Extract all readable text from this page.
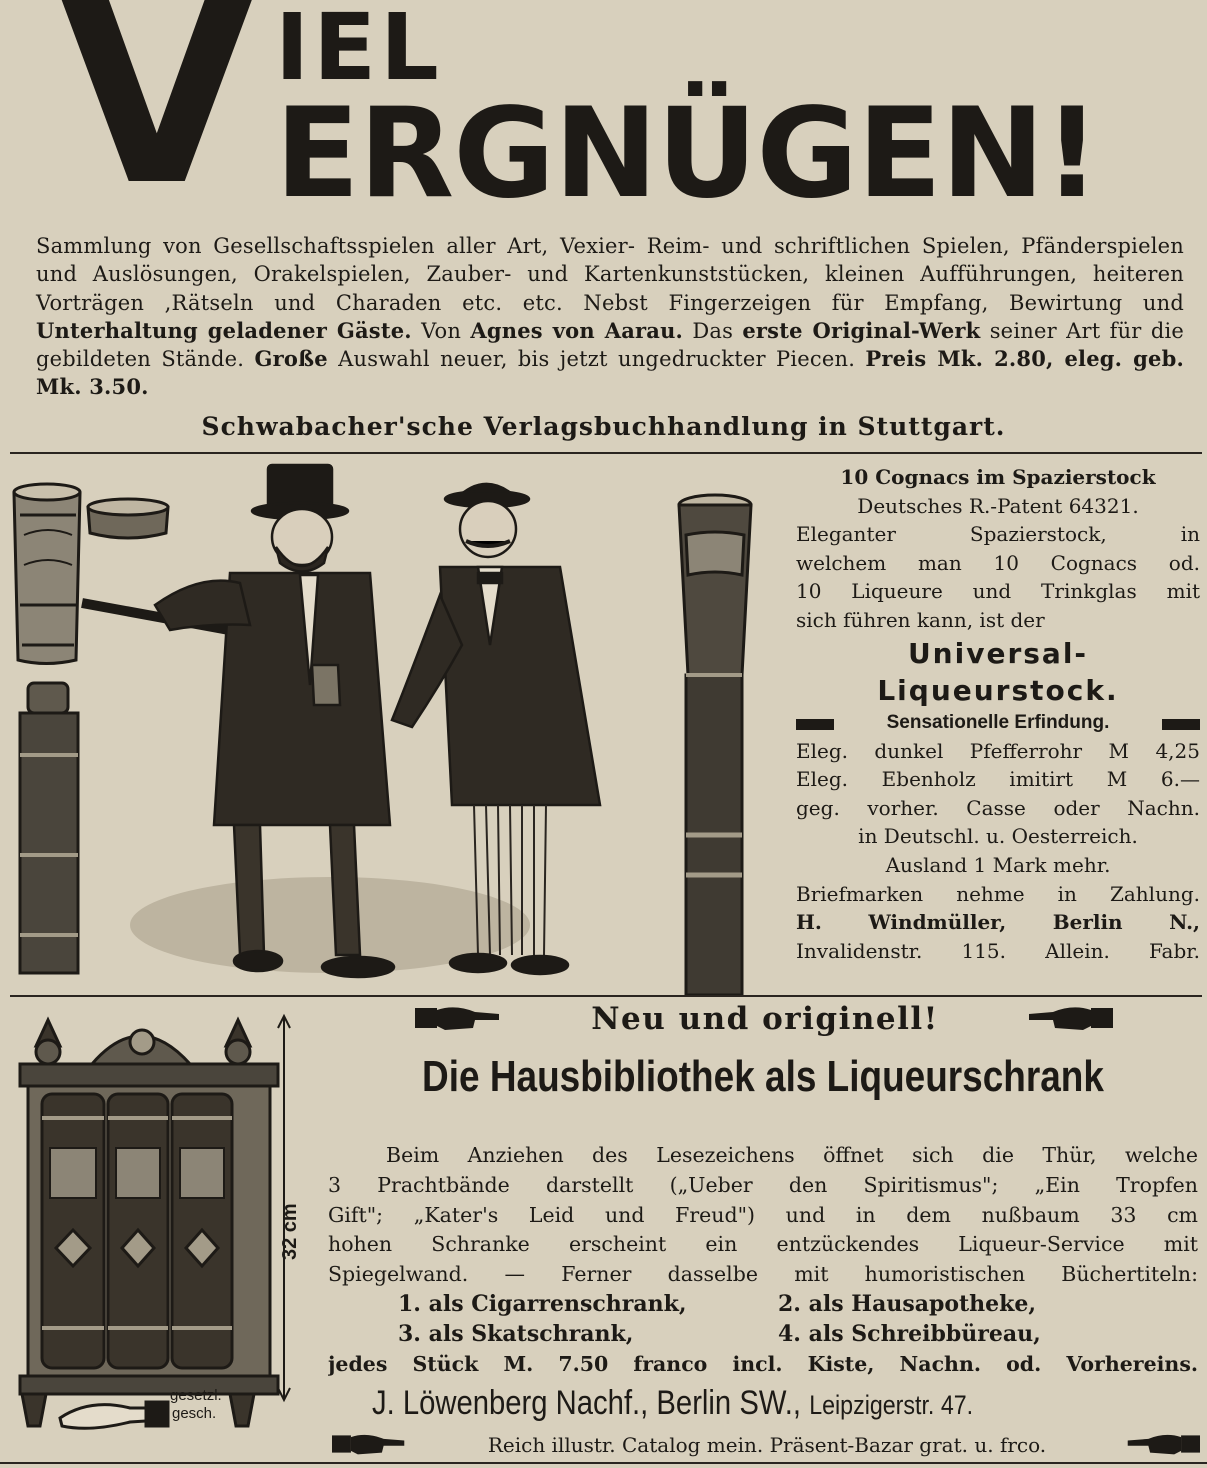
V IEL
ERGNÜGEN!
Sammlung von Gesellschaftsspielen aller Art, Vexier- Reim- und schriftlichen Spielen, Pfänderspielen und Auslösungen, Orakelspielen, Zauber- und Kartenkunststücken, kleinen Aufführungen, heiteren Vorträgen ,Rätseln und Charaden etc. etc. Nebst Fingerzeigen für Empfang, Bewirtung und Unterhaltung geladener Gäste. Von Agnes von Aarau. Das erste Original-Werk seiner Art für die gebildeten Stände. Große Auswahl neuer, bis jetzt ungedruckter Piecen. Preis Mk. 2.80, eleg. geb. Mk. 3.50.
Schwabacher'sche Verlagsbuchhandlung in Stuttgart.
10 Cognacs im Spazierstock
Deutsches R.-Patent 64321.
Eleganter Spazierstock, in
welchem man 10 Cognacs od.
10 Liqueure und Trinkglas mit
sich führen kann, ist der
Universal-
Liqueurstock.
Sensationelle Erfindung.
Eleg. dunkel Pfefferrohr M 4,25
Eleg. Ebenholz imitirt M 6.—
geg. vorher. Casse oder Nachn.
in Deutschl. u. Oesterreich.
Ausland 1 Mark mehr.
Briefmarken nehme in Zahlung.
H. Windmüller, Berlin N.,
Invalidenstr. 115. Allein. Fabr.
32 cm
gesetzl.
gesch.
Neu und originell!
Die Hausbibliothek als Liqueurschrank
Beim Anziehen des Lesezeichens öffnet sich die Thür, welche
3 Prachtbände darstellt („Ueber den Spiritismus"; „Ein Tropfen
Gift"; „Kater's Leid und Freud") und in dem nußbaum 33 cm
hohen Schranke erscheint ein entzückendes Liqueur-Service mit
Spiegelwand. — Ferner dasselbe mit humoristischen Büchertiteln:
1. als Cigarrenschrank,	2. als Hausapotheke,
3. als Skatschrank,	4. als Schreibbüreau,
jedes Stück M. 7.50 franco incl. Kiste, Nachn. od. Vorhereins.
J. Löwenberg Nachf., Berlin SW., Leipzigerstr. 47.
Reich illustr. Catalog mein. Präsent-Bazar grat. u. frco.
